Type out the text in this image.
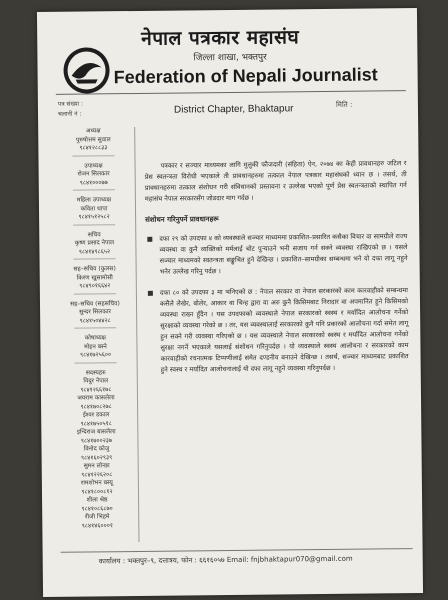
नेपाल पत्रकार महासंघ
जिल्ला शाखा, भक्तपुर
Federation of Nepali Journalist
पत्र संख्या :
चलानी नं :	District Chapter, Bhaktapur	मिति :
अध्यक्ष
पुरुषोत्तम सुवाल
९८४१२८८३३
उपाध्यक्ष
रोजन सिलकार
९८४१०००७७
महिला उपाध्यक्ष
कविता थापा
९८४१५१२५८२
सचिव
कृष्ण प्रसाद नेपाल
९८४१४९८६५२
सह–सचिव (कुलस)
किरण खुसामोसी
९८४९०१६६४२
सह–सचिव (सहसचिव)
सुन्दर सिलकार
९८४१५०४४२८
कोषाध्यक्ष
मोहन बस्ने
९८४१७२५६००
सदस्यहरु
विदुर नेपाल
९८४१२६६१७८
जयराम कासलेला
९८४१७०८२७८
ईश्वर डकाल
९८४१७५०५१८
इन्दिराज बासलेला
९८४१७००२३७
विनोद कोजु
९८४१६०२९३९
सुमन लोन्छा
९८४१२२६२०८
रामशोभन बस्यू
९८४१८००८१२
शीला श्रेष्ठ
९८४१०८६८७०
रीजी भिहमे
९८४१४६०००१

पत्रकार र सञ्चार माध्यमका लागि मुलुकी फौजदारी (संहिता) ऐन, २०७४ का केही प्रावधानहरु जटिल र प्रेस स्वतन्त्रता विरोधी भएकाले ती प्रावधानहरुमा तत्काल नेपाल पत्रकार महासंघको ध्यान छ । तसर्थ, ती प्रावधानहरुमा तत्काल संशोधन गरी संविधानको प्रस्तावना र उल्लेख भएको पूर्ण प्रेस स्वतन्त्रताको स्थापित गर्न महासंघ नेपाल सरकारसँग जोडदार माग गर्दछ ।

संशोधन गरिनुपर्ने प्रावधानहरू
दफा २९ को उपदफा ४ को व्यवस्थाले सञ्चार माध्यममा प्रकाशित–प्रसारित कसैका विचार वा सामग्रीले राज्य व्यवस्था वा कुनै व्यक्तिको मर्मलाई चोट पुऱ्याउने भनी सजाय गर्न सक्ने व्यवस्था राखिएको छ । यसले सञ्चार माध्यमको स्वतन्त्रता सङ्कुचित हुने देखिन्छ । प्रकाशित–सामग्रीका सम्बन्धमा भने यो दफा लागू नहुने भनेर उल्लेख गरिनु पर्दछ ।
दफा ८० को उपदफा ३ मा भनिएको छ : नेपाल सरकार वा नेपाल सरकारको काम कारवाहीको सम्बन्धमा कसैले लेखेर, बोलेर, आकार वा चिन्ह द्वारा वा अरु कुनै किसिमबाट निरादार वा अपमानित हुने किसिमको व्यवस्था राख्न हुँदैन । यस उपदफाको व्यवस्थाले नेपाल सरकारको स्वस्थ र मर्यादित आलोचना गर्नेको सुरक्षाको व्यवस्था गरेको छ । तर, यस व्यवस्थालाई सरकारको कुनै पनि प्रकारको आलोचना गर्दा समेत लागू हुन सक्ने गरी व्यवस्था गरिएको छ । यस व्यवस्थाले नेपाल सरकारको स्वस्थ र मर्यादित आलोचना गर्नेको सुरक्षा नगर्ने भएकाले यसलाई संशोधन गरिनुपर्दछ । यो व्यवस्थाले स्वस्थ आलोचना र सरकारको काम कारवाहीको रचनात्मक टिप्पणीलाई समेत दण्डनीय बनाउने देखिन्छ । तसर्थ, सञ्चार माध्यमबाट प्रकाशित हुने स्वस्थ र मर्यादित आलोचनालाई यो दफा लागू नहुने व्यवस्था गरिनुपर्दछ ।
कार्यालय : भक्तपुर–९, दत्तात्रय, फोन : ६६१६०५७ Email: fnjbhaktapur070@gmail.com
